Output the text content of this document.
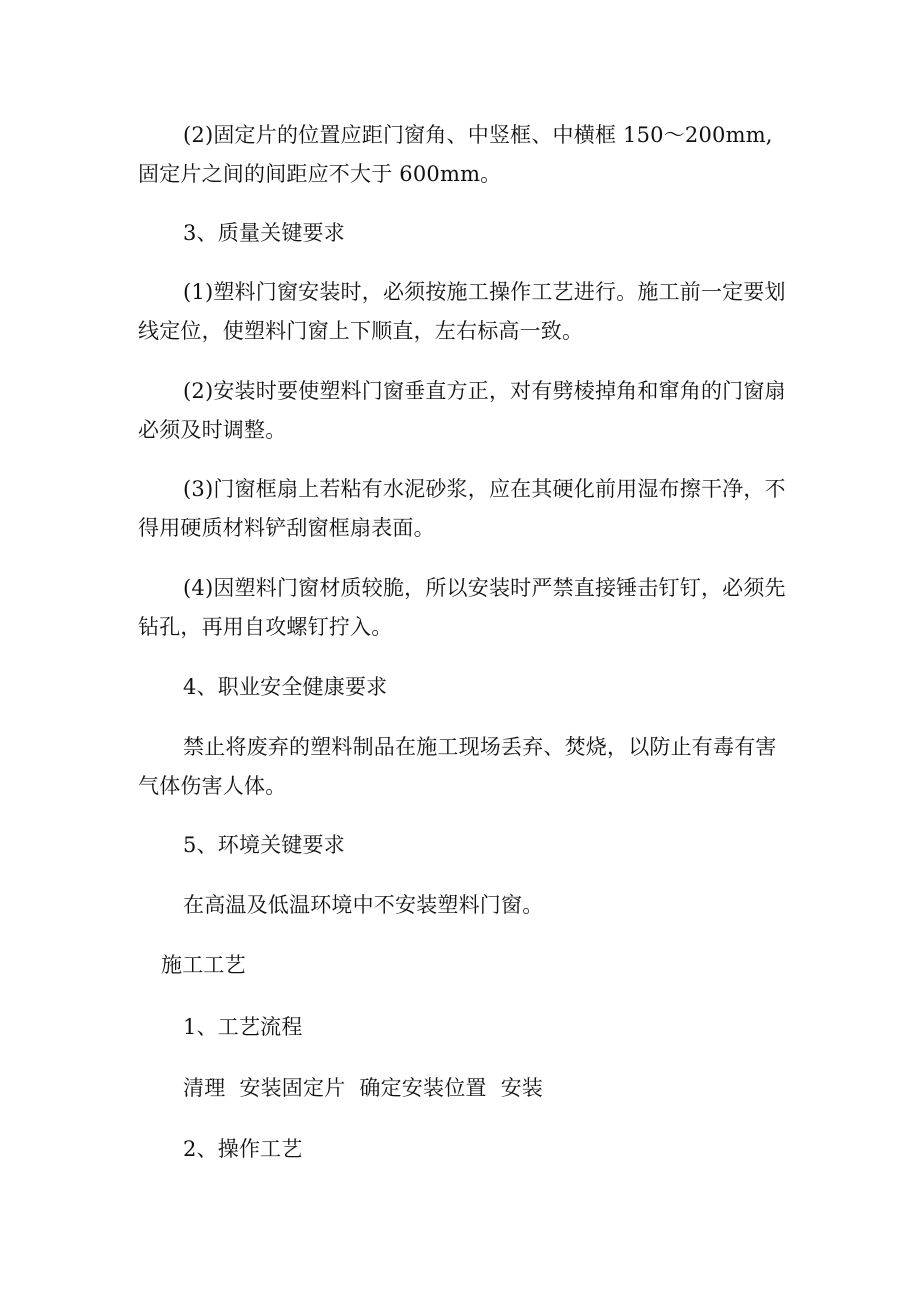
(2)固定片的位置应距门窗角、中竖框、中横框 150～200mm,固定片之间的间距应不大于 600mm。

3、质量关键要求

(1)塑料门窗安装时，必须按施工操作工艺进行。施工前一定要划线定位，使塑料门窗上下顺直，左右标高一致。

(2)安装时要使塑料门窗垂直方正，对有劈棱掉角和窜角的门窗扇必须及时调整。

(3)门窗框扇上若粘有水泥砂浆，应在其硬化前用湿布擦干净，不得用硬质材料铲刮窗框扇表面。

(4)因塑料门窗材质较脆，所以安装时严禁直接锤击钉钉，必须先钻孔，再用自攻螺钉拧入。

4、职业安全健康要求

禁止将废弃的塑料制品在施工现场丢弃、焚烧，以防止有毒有害气体伤害人体。

5、环境关键要求

在高温及低温环境中不安装塑料门窗。

施工工艺

1、工艺流程

清理 安装固定片 确定安装位置 安装

2、操作工艺
